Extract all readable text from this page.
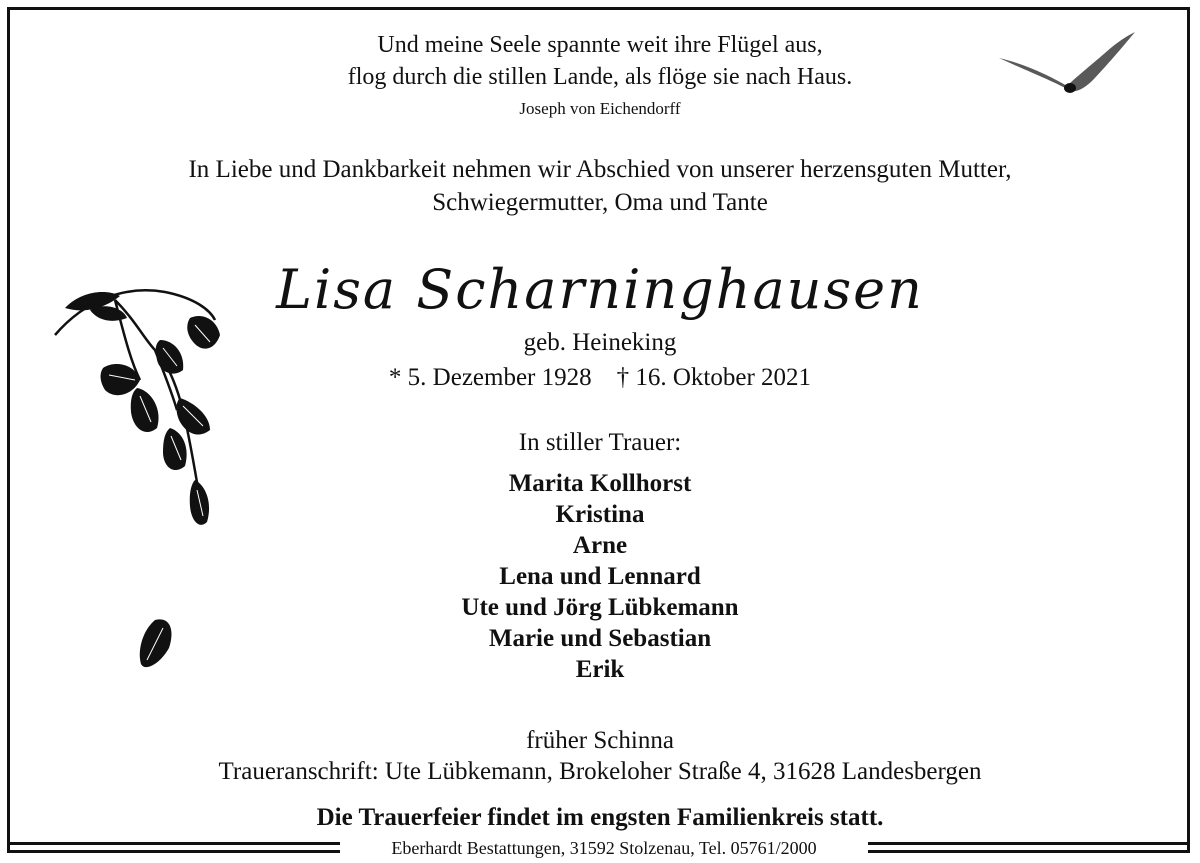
Und meine Seele spannte weit ihre Flügel aus,
flog durch die stillen Lande, als flöge sie nach Haus.
Joseph von Eichendorff
In Liebe und Dankbarkeit nehmen wir Abschied von unserer herzensguten Mutter,
Schwiegermutter, Oma und Tante
Lisa Scharninghausen
geb. Heineking
* 5. Dezember 1928    † 16. Oktober 2021
In stiller Trauer:
Marita Kollhorst
Kristina
Arne
Lena und Lennard
Ute und Jörg Lübkemann
Marie und Sebastian
Erik
früher Schinna
Traueranschrift: Ute Lübkemann, Brokeloher Straße 4, 31628 Landesbergen
Die Trauerfeier findet im engsten Familienkreis statt.
Eberhardt Bestattungen, 31592 Stolzenau, Tel. 05761/2000
